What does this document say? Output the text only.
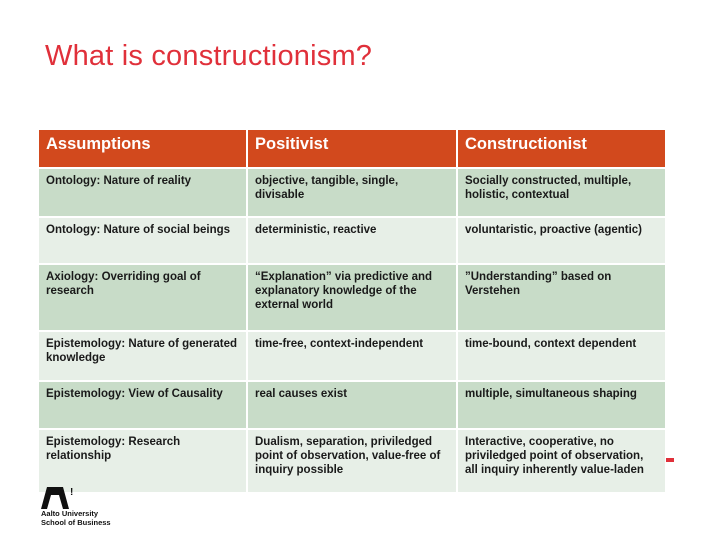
What is constructionism?
Assumptions	Positivist	Constructionist
Ontology: Nature of reality	objective, tangible, single, divisable	Socially constructed, multiple, holistic, contextual
Ontology: Nature of social beings	deterministic, reactive	voluntaristic, proactive (agentic)
Axiology: Overriding goal of research	“Explanation” via predictive and explanatory knowledge of the external world	”Understanding” based on Verstehen
Epistemology: Nature of generated knowledge	time-free, context-independent	time-bound, context dependent
Epistemology: View of Causality	real causes exist	multiple, simultaneous shaping
Epistemology: Research relationship	Dualism, separation, priviledged point of observation, value-free of inquiry possible	Interactive, cooperative, no priviledged point of observation, all inquiry inherently value-laden
!
Aalto University
School of Business
